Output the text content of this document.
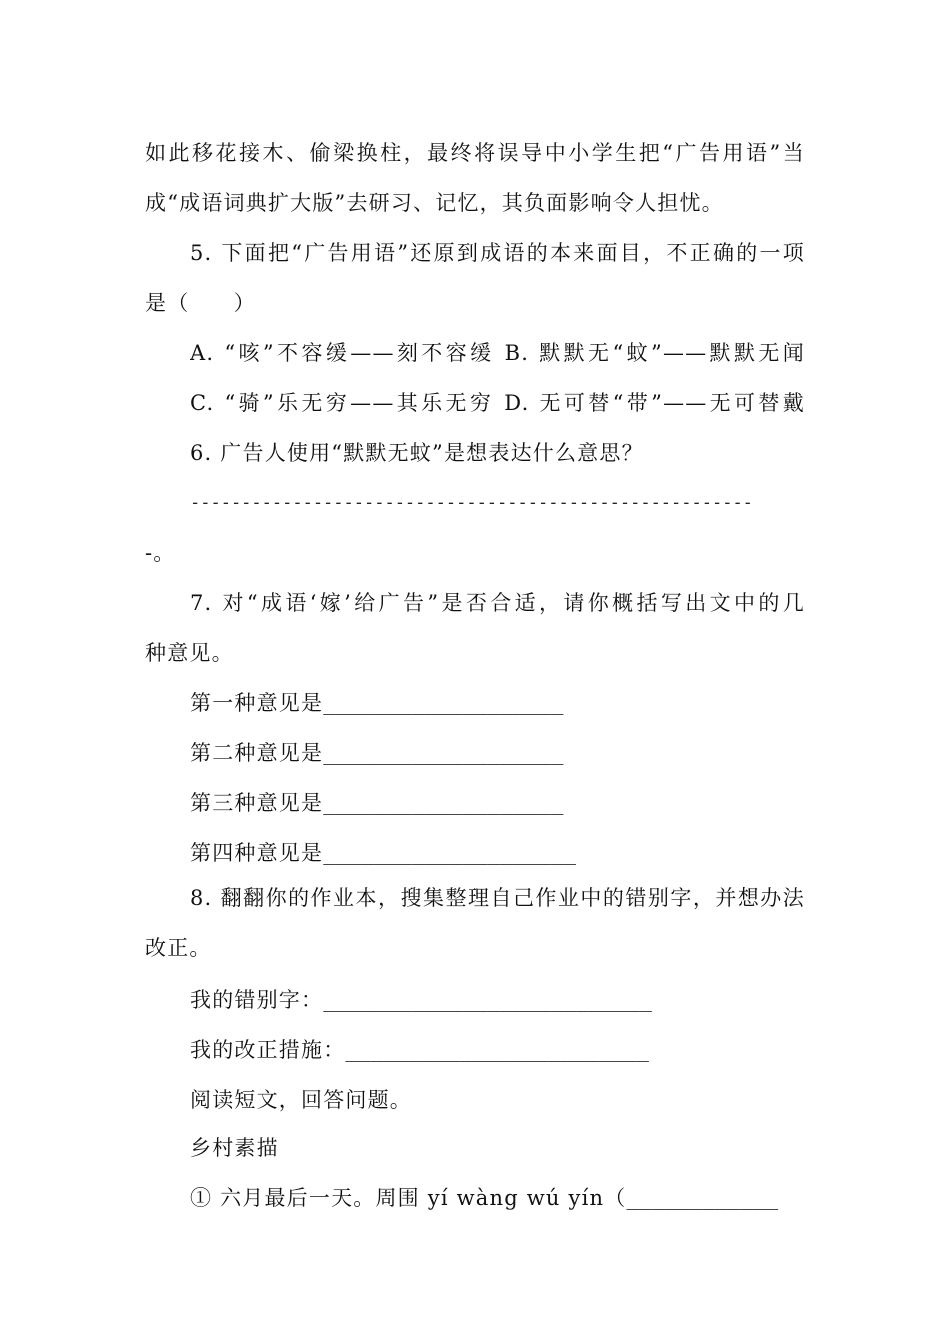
如此移花接木、偷梁换柱，最终将误导中小学生把“广告用语”当
成“成语词典扩大版”去研习、记忆，其负面影响令人担忧。
5. 下面把“广告用语”还原到成语的本来面目，不正确的一项
是（　　）
A. “咳”不容缓——刻不容缓 B. 默默无“蚊”——默默无闻
C. “骑”乐无穷——其乐无穷 D. 无可替“带”——无可替戴
6. 广告人使用“默默无蚊”是想表达什么意思？
-------------------------------------------------------
-。
7. 对“成语‘嫁’给广告”是否合适，请你概括写出文中的几
种意见。
第一种意见是___________________
第二种意见是___________________
第三种意见是___________________
第四种意见是____________________
8. 翻翻你的作业本，搜集整理自己作业中的错别字，并想办法
改正。
我的错别字：__________________________
我的改正措施：________________________
阅读短文，回答问题。
乡村素描
① 六月最后一天。周围 yí wàng wú yín（____________
